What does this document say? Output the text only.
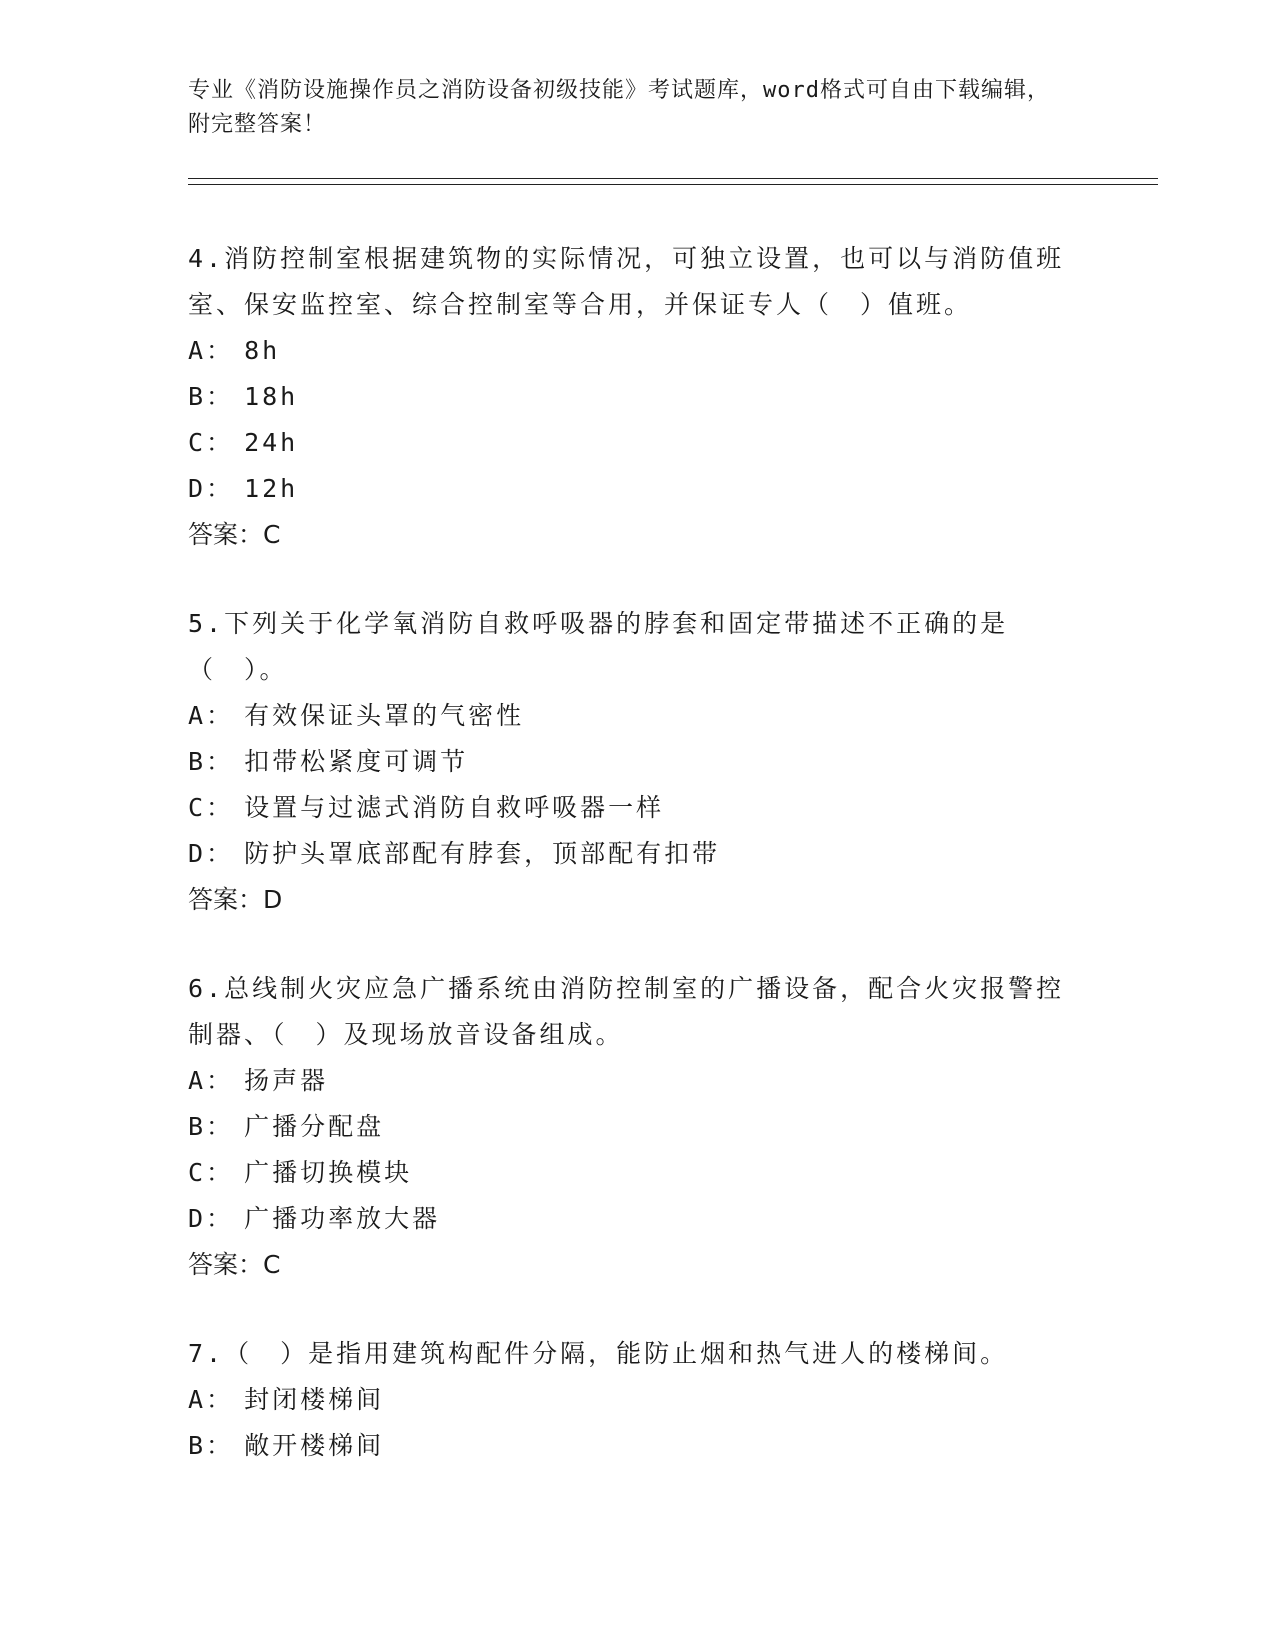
专业《消防设施操作员之消防设备初级技能》考试题库，word格式可自由下载编辑，附完整答案！

4.消防控制室根据建筑物的实际情况，可独立设置，也可以与消防值班室、保安监控室、综合控制室等合用，并保证专人（　）值班。

A： 8h

B： 18h

C： 24h

D： 12h

答案：C

5.下列关于化学氧消防自救呼吸器的脖套和固定带描述不正确的是（　）。

A： 有效保证头罩的气密性

B： 扣带松紧度可调节

C： 设置与过滤式消防自救呼吸器一样

D： 防护头罩底部配有脖套，顶部配有扣带

答案：D

6.总线制火灾应急广播系统由消防控制室的广播设备，配合火灾报警控制器、（　）及现场放音设备组成。

A： 扬声器

B： 广播分配盘

C： 广播切换模块

D： 广播功率放大器

答案：C

7.（　）是指用建筑构配件分隔，能防止烟和热气进人的楼梯间。

A： 封闭楼梯间

B： 敞开楼梯间
